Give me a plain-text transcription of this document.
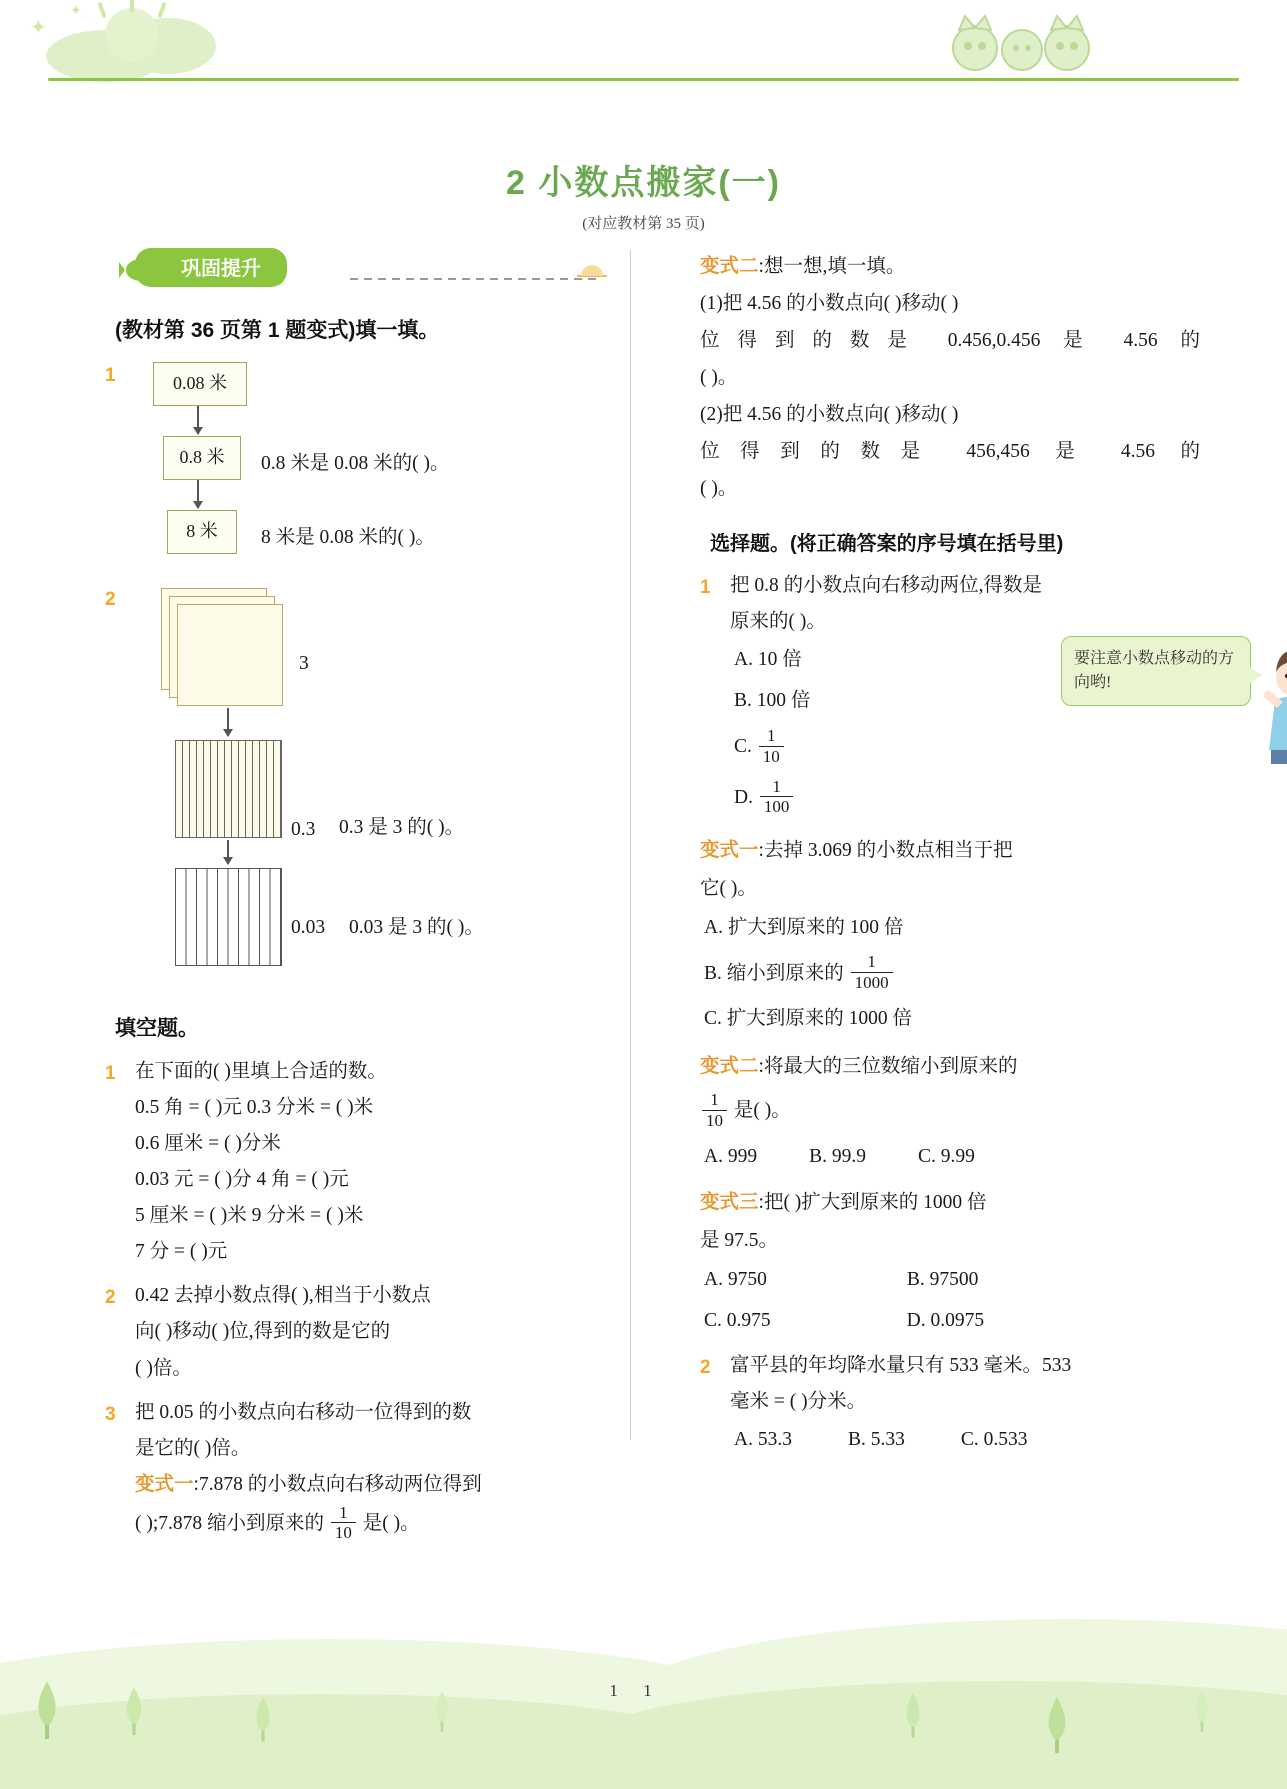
✦
✦
2 小数点搬家(一)
(对应教材第 35 页)
巩固提升
(教材第 36 页第 1 题变式)填一填。
1	0.08 米
0.8 米	0.8 米是 0.08 米的( )。
8 米	8 米是 0.08 米的( )。
2
3
0.3 0.3 是 3 的( )。
0.03 0.03 是 3 的( )。
填空题。
1 在下面的( )里填上合适的数。
0.5 角 = ( )元 0.3 分米 = ( )米
0.6 厘米 = ( )分米
0.03 元 = ( )分 4 角 = ( )元
5 厘米 = ( )米 9 分米 = ( )米
7 分 = ( )元
2 0.42 去掉小数点得( ),相当于小数点
向( )移动( )位,得到的数是它的
( )倍。
3 把 0.05 的小数点向右移动一位得到的数
是它的( )倍。
变式一:7.878 的小数点向右移动两位得到
( );7.878 缩小到原来的 $\frac{1}{10}$ 是( )。
变式二:想一想,填一填。
(1)把 4.56 的小数点向( )移动( )
位得到的数是 0.456,0.456 是 4.56 的
( )。
(2)把 4.56 的小数点向( )移动( )
位得到的数是 456,456 是 4.56 的
( )。
选择题。(将正确答案的序号填在括号里)
1 把 0.8 的小数点向右移动两位,得数是
原来的( )。
A. 10 倍
B. 100 倍
C. $\frac{1}{10}$
D. $\frac{1}{100}$
变式一:去掉 3.069 的小数点相当于把
它( )。
A. 扩大到原来的 100 倍
B. 缩小到原来的 $\frac{1}{1000}$
C. 扩大到原来的 1000 倍
变式二:将最大的三位数缩小到原来的
$\frac{1}{10}$ 是( )。
A. 999	B. 99.9	C. 9.99
变式三:把( )扩大到原来的 1000 倍
是 97.5。
A. 9750	B. 97500
C. 0.975	D. 0.0975
2 富平县的年均降水量只有 533 毫米。533
毫米 = ( )分米。
A. 53.3	B. 5.33	C. 0.533
要注意小数点移动的方向哟!
11
